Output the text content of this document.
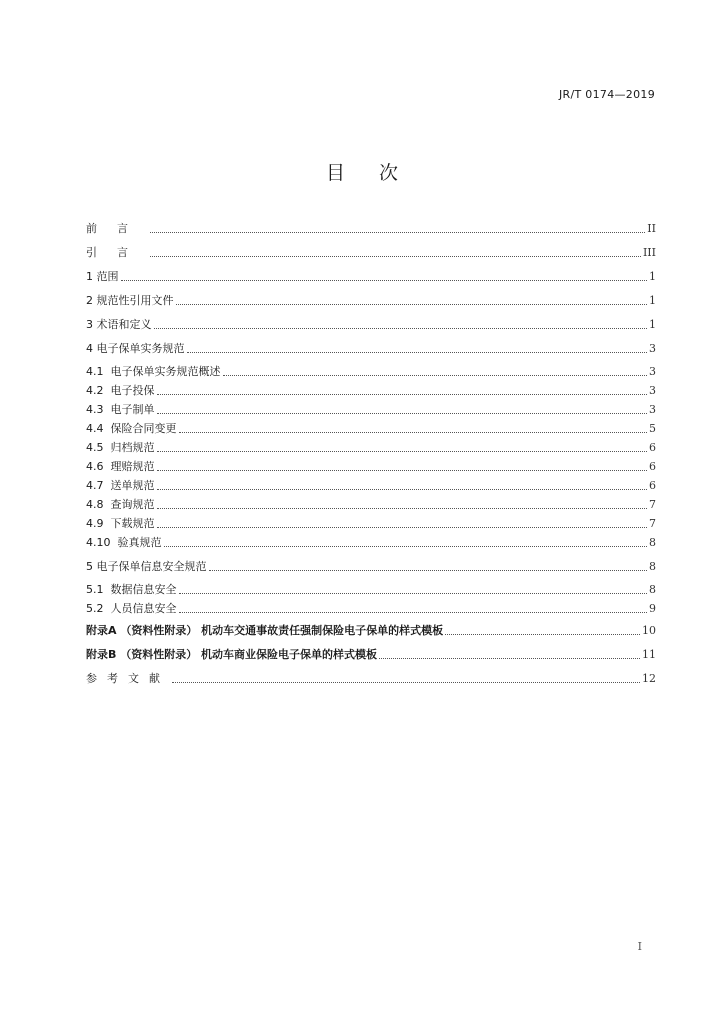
JR/T 0174—2019
目次
前言	II
引言	III
1 范围	1
2 规范性引用文件	1
3 术语和定义	1
4 电子保单实务规范	3
4.1  电子保单实务规范概述	3
4.2  电子投保	3
4.3  电子制单	3
4.4  保险合同变更	5
4.5  归档规范	6
4.6  理赔规范	6
4.7  送单规范	6
4.8  查询规范	7
4.9  下载规范	7
4.10  验真规范	8
5 电子保单信息安全规范	8
5.1  数据信息安全	8
5.2  人员信息安全	9
附录A （资料性附录） 机动车交通事故责任强制保险电子保单的样式模板	10
附录B （资料性附录） 机动车商业保险电子保单的样式模板	11
参考文献	12
I
